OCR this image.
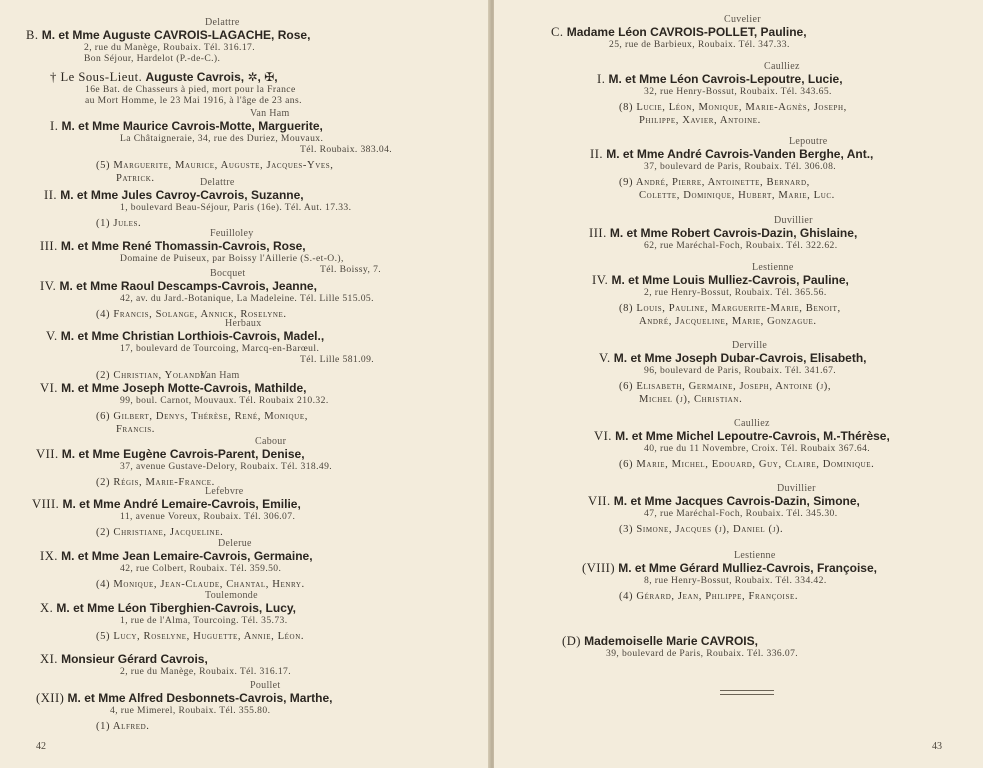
Delattre
B. M. et Mme Auguste CAVROIS-LAGACHE, Rose,
2, rue du Manège, Roubaix. Tél. 316.17.
Bon Séjour, Hardelot (P.-de-C.).
† Le Sous-Lieut. Auguste Cavrois, ✲, ✠,
16e Bat. de Chasseurs à pied, mort pour la France
au Mort Homme, le 23 Mai 1916, à l'âge de 23 ans.
Van Ham
I. M. et Mme Maurice Cavrois-Motte, Marguerite,
La Châtaigneraie, 34, rue des Duriez, Mouvaux.
Tél. Roubaix. 383.04.
(5) Marguerite, Maurice, Auguste, Jacques-Yves,
Patrick.	Delattre
II. M. et Mme Jules Cavroy-Cavrois, Suzanne,
1, boulevard Beau-Séjour, Paris (16e). Tél. Aut. 17.33.
(1) Jules.
Feuilloley
III. M. et Mme René Thomassin-Cavrois, Rose,
Domaine de Puiseux, par Boissy l'Aillerie (S.-et-O.),
Tél. Boissy, 7.
Bocquet
IV. M. et Mme Raoul Descamps-Cavrois, Jeanne,
42, av. du Jard.-Botanique, La Madeleine. Tél. Lille 515.05.
(4) Francis, Solange, Annick, Roselyne.
Herbaux
V. M. et Mme Christian Lorthiois-Cavrois, Madel.,
17, boulevard de Tourcoing, Marcq-en-Barœul.
Tél. Lille 581.09.
(2) Christian, Yolande.
Van Ham
VI. M. et Mme Joseph Motte-Cavrois, Mathilde,
99, boul. Carnot, Mouvaux. Tél. Roubaix 210.32.
(6) Gilbert, Denys, Thérèse, René, Monique,
Francis.
Cabour
VII. M. et Mme Eugène Cavrois-Parent, Denise,
37, avenue Gustave-Delory, Roubaix. Tél. 318.49.
(2) Régis, Marie-France.
Lefebvre
VIII. M. et Mme André Lemaire-Cavrois, Emilie,
11, avenue Voreux, Roubaix. Tél. 306.07.
(2) Christiane, Jacqueline.
Delerue
IX. M. et Mme Jean Lemaire-Cavrois, Germaine,
42, rue Colbert, Roubaix. Tél. 359.50.
(4) Monique, Jean-Claude, Chantal, Henry.
Toulemonde
X. M. et Mme Léon Tiberghien-Cavrois, Lucy,
1, rue de l'Alma, Tourcoing. Tél. 35.73.
(5) Lucy, Roselyne, Huguette, Annie, Léon.
XI. Monsieur Gérard Cavrois,
2, rue du Manège, Roubaix. Tél. 316.17.
Poullet
(XII) M. et Mme Alfred Desbonnets-Cavrois, Marthe,
4, rue Mimerel, Roubaix. Tél. 355.80.
(1) Alfred.
42
Cuvelier
C. Madame Léon CAVROIS-POLLET, Pauline,
25, rue de Barbieux, Roubaix. Tél. 347.33.
Caulliez
I. M. et Mme Léon Cavrois-Lepoutre, Lucie,
32, rue Henry-Bossut, Roubaix. Tél. 343.65.
(8) Lucie, Léon, Monique, Marie-Agnès, Joseph,
Philippe, Xavier, Antoine.
Lepoutre
II. M. et Mme André Cavrois-Vanden Berghe, Ant.,
37, boulevard de Paris, Roubaix. Tél. 306.08.
(9) André, Pierre, Antoinette, Bernard,
Colette, Dominique, Hubert, Marie, Luc.
Duvillier
III. M. et Mme Robert Cavrois-Dazin, Ghislaine,
62, rue Maréchal-Foch, Roubaix. Tél. 322.62.
Lestienne
IV. M. et Mme Louis Mulliez-Cavrois, Pauline,
2, rue Henry-Bossut, Roubaix. Tél. 365.56.
(8) Louis, Pauline, Marguerite-Marie, Benoit,
André, Jacqueline, Marie, Gonzague.
Derville
V. M. et Mme Joseph Dubar-Cavrois, Elisabeth,
96, boulevard de Paris, Roubaix. Tél. 341.67.
(6) Elisabeth, Germaine, Joseph, Antoine (j),
Michel (j), Christian.
Caulliez
VI. M. et Mme Michel Lepoutre-Cavrois, M.-Thérèse,
40, rue du 11 Novembre, Croix. Tél. Roubaix 367.64.
(6) Marie, Michel, Edouard, Guy, Claire, Dominique.
Duvillier
VII. M. et Mme Jacques Cavrois-Dazin, Simone,
47, rue Maréchal-Foch, Roubaix. Tél. 345.30.
(3) Simone, Jacques (j), Daniel (j).
Lestienne
(VIII) M. et Mme Gérard Mulliez-Cavrois, Françoise,
8, rue Henry-Bossut, Roubaix. Tél. 334.42.
(4) Gérard, Jean, Philippe, Françoise.
(D) Mademoiselle Marie CAVROIS,
39, boulevard de Paris, Roubaix. Tél. 336.07.
43
